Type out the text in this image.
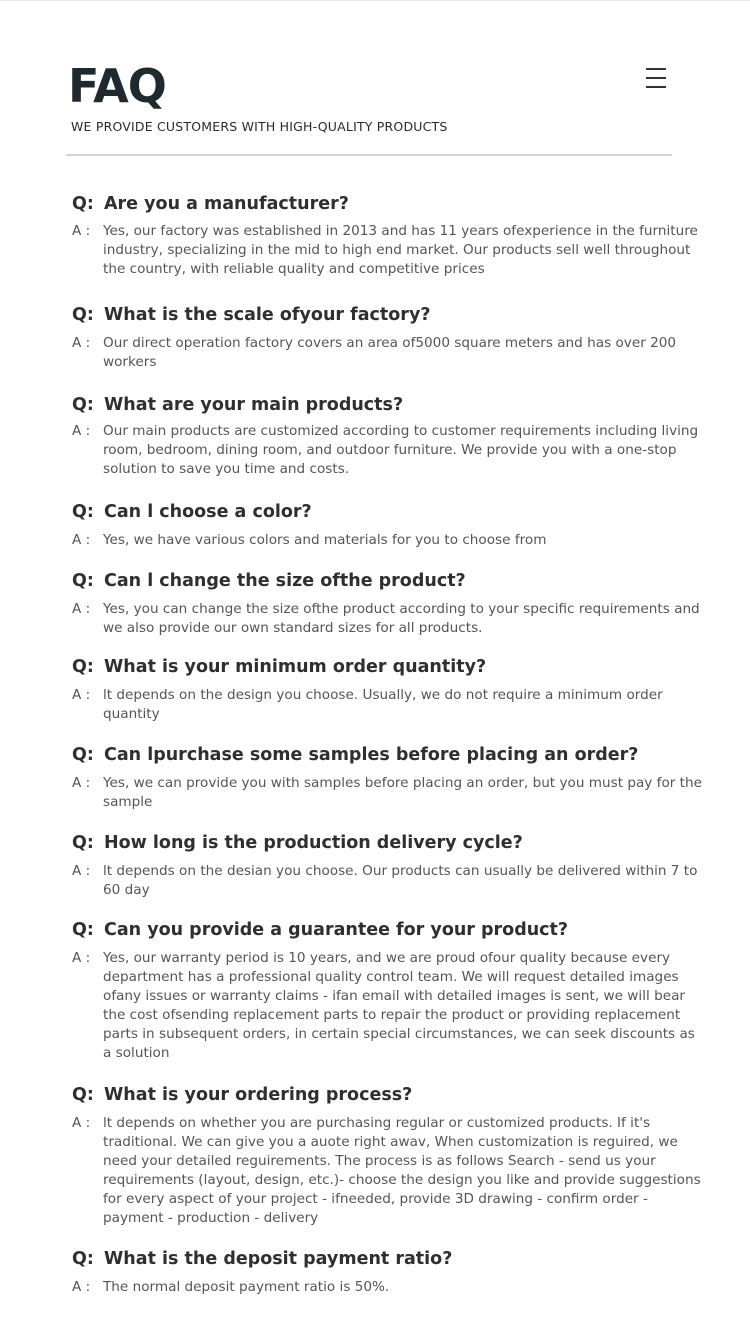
FAQ
WE PROVIDE CUSTOMERS WITH HIGH-QUALITY PRODUCTS
Q: Are you a manufacturer?
A : Yes, our factory was established in 2013 and has 11 years ofexperience in the furniture industry, specializing in the mid to high end market. Our products sell well throughout the country, with reliable quality and competitive prices
Q: What is the scale ofyour factory?
A : Our direct operation factory covers an area of5000 square meters and has over 200 workers
Q: What are your main products?
A : Our main products are customized according to customer requirements including living room, bedroom, dining room, and outdoor furniture. We provide you with a one-stop solution to save you time and costs.
Q: Can l choose a color?
A : Yes, we have various colors and materials for you to choose from
Q: Can l change the size ofthe product?
A : Yes, you can change the size ofthe product according to your specific requirements and we also provide our own standard sizes for all products.
Q: What is your minimum order quantity?
A : lt depends on the design you choose. Usually, we do not require a minimum order quantity
Q: Can lpurchase some samples before placing an order?
A : Yes, we can provide you with samples before placing an order, but you must pay for the sample
Q: How long is the production delivery cycle?
A : lt depends on the desian you choose. Our products can usually be delivered within 7 to 60 day
Q: Can you provide a guarantee for your product?
A : Yes, our warranty period is 10 years, and we are proud ofour quality because every department has a professional quality control team. We will request detailed images ofany issues or warranty claims - ifan email with detailed images is sent, we will bear the cost ofsending replacement parts to repair the product or providing replacement parts in subsequent orders, in certain special circumstances, we can seek discounts as a solution
Q: What is your ordering process?
A : lt depends on whether you are purchasing regular or customized products. If it's traditional. We can give you a auote right awav, When customization is reguired, we need your detailed reguirements. The process is as follows Search - send us your requirements (layout, design, etc.)- choose the design you like and provide suggestions for every aspect of your project - ifneeded, provide 3D drawing - confirm order - payment - production - delivery
Q: What is the deposit payment ratio?
A : The normal deposit payment ratio is 50%.
